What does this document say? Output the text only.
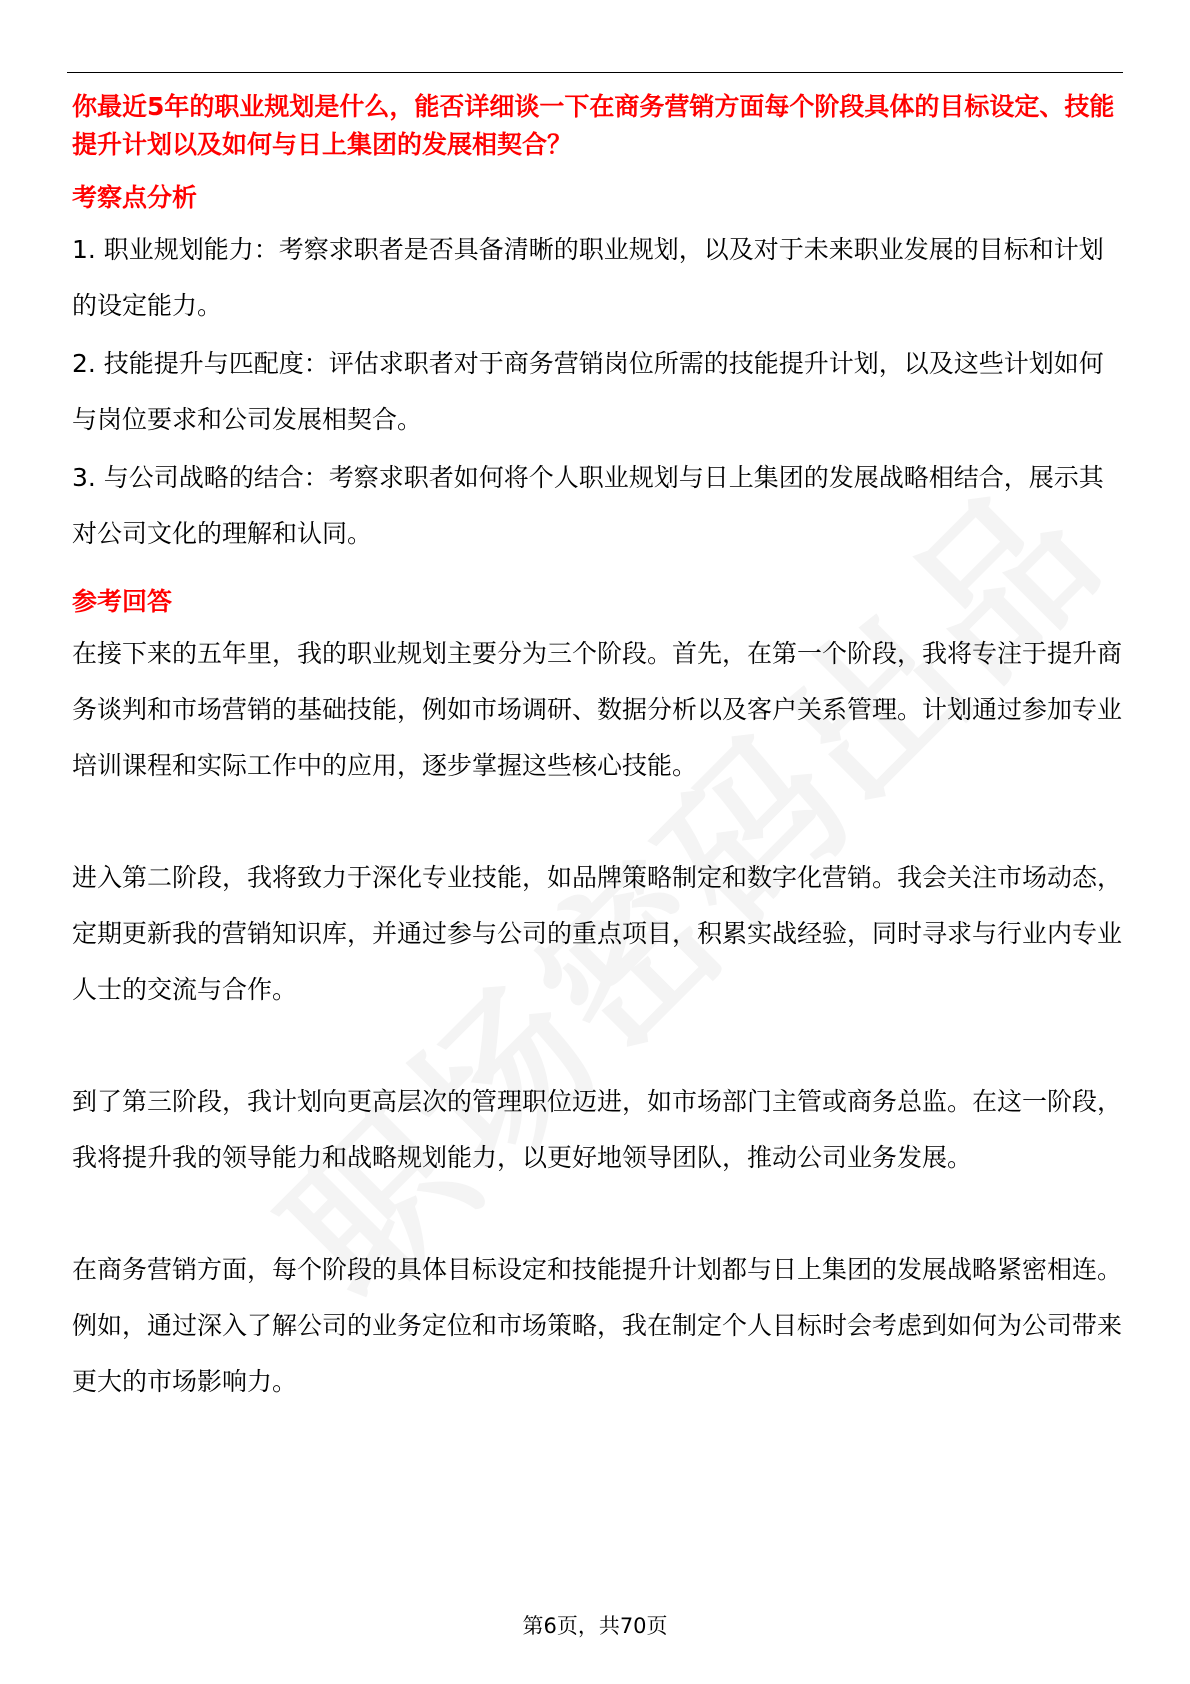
你最近5年的职业规划是什么，能否详细谈一下在商务营销方面每个阶段具体的目标设定、技能提升计划以及如何与日上集团的发展相契合？

考察点分析

1. 职业规划能力：考察求职者是否具备清晰的职业规划，以及对于未来职业发展的目标和计划的设定能力。

2. 技能提升与匹配度：评估求职者对于商务营销岗位所需的技能提升计划，以及这些计划如何与岗位要求和公司发展相契合。

3. 与公司战略的结合：考察求职者如何将个人职业规划与日上集团的发展战略相结合，展示其对公司文化的理解和认同。

参考回答

在接下来的五年里，我的职业规划主要分为三个阶段。首先，在第一个阶段，我将专注于提升商务谈判和市场营销的基础技能，例如市场调研、数据分析以及客户关系管理。计划通过参加专业培训课程和实际工作中的应用，逐步掌握这些核心技能。

进入第二阶段，我将致力于深化专业技能，如品牌策略制定和数字化营销。我会关注市场动态，定期更新我的营销知识库，并通过参与公司的重点项目，积累实战经验，同时寻求与行业内专业人士的交流与合作。

到了第三阶段，我计划向更高层次的管理职位迈进，如市场部门主管或商务总监。在这一阶段，我将提升我的领导能力和战略规划能力，以更好地领导团队，推动公司业务发展。

在商务营销方面，每个阶段的具体目标设定和技能提升计划都与日上集团的发展战略紧密相连。例如，通过深入了解公司的业务定位和市场策略，我在制定个人目标时会考虑到如何为公司带来更大的市场影响力。

第6页，共70页
